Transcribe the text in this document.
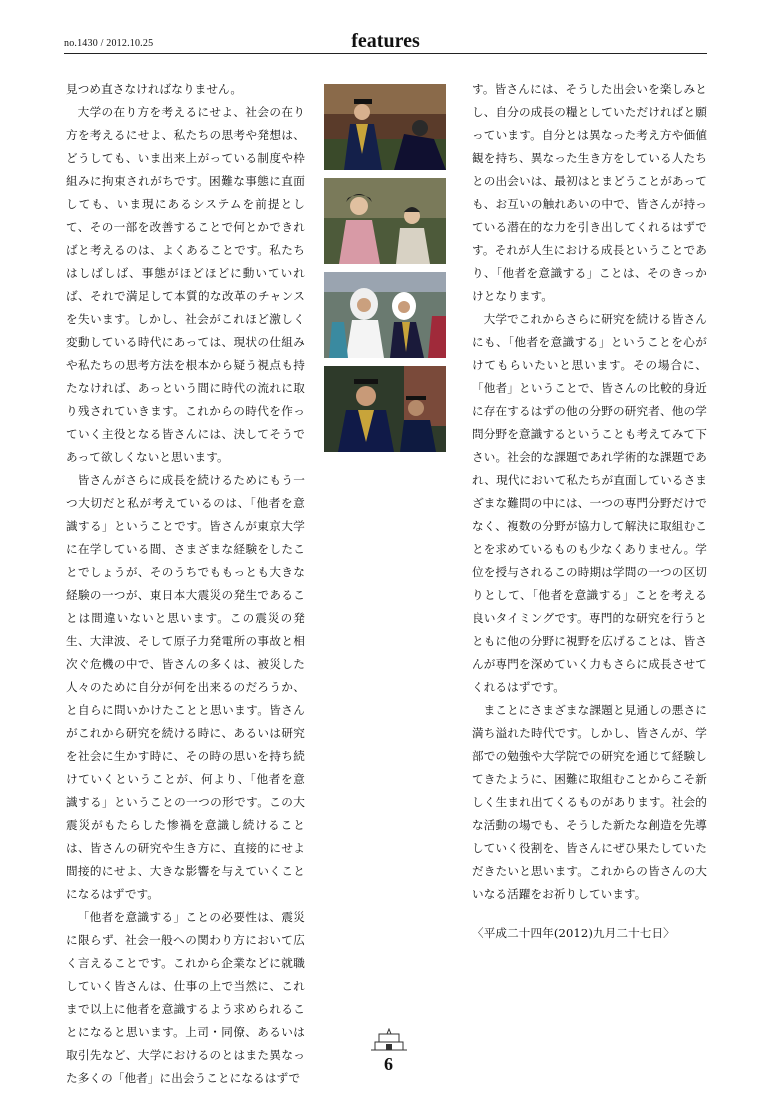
no.1430 / 2012.10.25	features

見つめ直さなければなりません。

大学の在り方を考えるにせよ、社会の在り方を考えるにせよ、私たちの思考や発想は、どうしても、いま出来上がっている制度や枠組みに拘束されがちです。困難な事態に直面しても、いま現にあるシステムを前提として、その一部を改善することで何とかできればと考えるのは、よくあることです。私たちはしばしば、事態がほどほどに動いていれば、それで満足して本質的な改革のチャンスを失います。しかし、社会がこれほど激しく変動している時代にあっては、現状の仕組みや私たちの思考方法を根本から疑う視点も持たなければ、あっという間に時代の流れに取り残されていきます。これからの時代を作っていく主役となる皆さんには、決してそうであって欲しくないと思います。

皆さんがさらに成長を続けるためにもう一つ大切だと私が考えているのは、「他者を意識する」ということです。皆さんが東京大学に在学している間、さまざまな経験をしたことでしょうが、そのうちでももっとも大きな経験の一つが、東日本大震災の発生であることは間違いないと思います。この震災の発生、大津波、そして原子力発電所の事故と相次ぐ危機の中で、皆さんの多くは、被災した人々のために自分が何を出来るのだろうか、と自らに問いかけたことと思います。皆さんがこれから研究を続ける時に、あるいは研究を社会に生かす時に、その時の思いを持ち続けていくということが、何より、「他者を意識する」ということの一つの形です。この大震災がもたらした惨禍を意識し続けることは、皆さんの研究や生き方に、直接的にせよ間接的にせよ、大きな影響を与えていくことになるはずです。

「他者を意識する」ことの必要性は、震災に限らず、社会一般への関わり方において広く言えることです。これから企業などに就職していく皆さんは、仕事の上で当然に、これまで以上に他者を意識するよう求められることになると思います。上司・同僚、あるいは取引先など、大学におけるのとはまた異なった多くの「他者」に出会うことになるはずで

す。皆さんには、そうした出会いを楽しみとし、自分の成長の糧としていただければと願っています。自分とは異なった考え方や価値観を持ち、異なった生き方をしている人たちとの出会いは、最初はとまどうことがあっても、お互いの触れあいの中で、皆さんが持っている潜在的な力を引き出してくれるはずです。それが人生における成長ということであり、「他者を意識する」ことは、そのきっかけとなります。

大学でこれからさらに研究を続ける皆さんにも、「他者を意識する」ということを心がけてもらいたいと思います。その場合に、「他者」ということで、皆さんの比較的身近に存在するはずの他の分野の研究者、他の学問分野を意識するということも考えてみて下さい。社会的な課題であれ学術的な課題であれ、現代において私たちが直面しているさまざまな難問の中には、一つの専門分野だけでなく、複数の分野が協力して解決に取組むことを求めているものも少なくありません。学位を授与されるこの時期は学問の一つの区切りとして、「他者を意識する」ことを考える良いタイミングです。専門的な研究を行うとともに他の分野に視野を広げることは、皆さんが専門を深めていく力もさらに成長させてくれるはずです。

まことにさまざまな課題と見通しの悪さに満ち溢れた時代です。しかし、皆さんが、学部での勉強や大学院での研究を通じて経験してきたように、困難に取組むことからこそ新しく生まれ出てくるものがあります。社会的な活動の場でも、そうした新たな創造を先導していく役割を、皆さんにぜひ果たしていただきたいと思います。これからの皆さんの大いなる活躍をお祈りしています。

〈平成二十四年(2012)九月二十七日〉

6
